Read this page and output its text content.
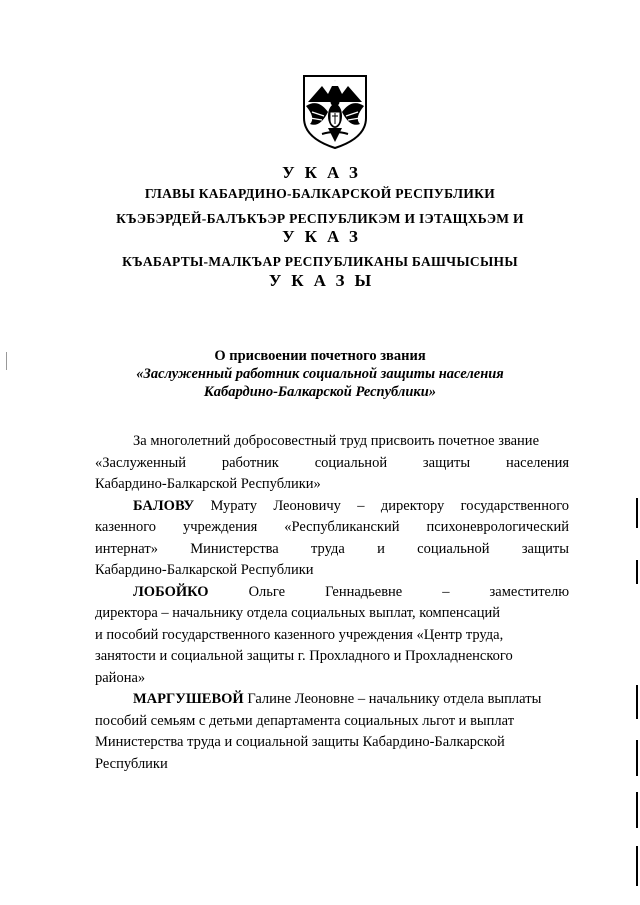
УКАЗ
ГЛАВЫ КАБАРДИНО-БАЛКАРСКОЙ РЕСПУБЛИКИ
КЪЭБЭРДЕЙ-БАЛЪКЪЭР РЕСПУБЛИКЭМ И ІЭТАЩХЬЭМ И
УКАЗ
КЪАБАРТЫ-МАЛКЪАР РЕСПУБЛИКАНЫ БАШЧЫСЫНЫ
УКАЗЫ
О присвоении почетного звания
«Заслуженный работник социальной защиты населения
Кабардино-Балкарской Республики»
За многолетний добросовестный труд присвоить почетное звание
«Заслуженный работник социальной защиты населения
Кабардино-Балкарской Республики»
БАЛОВУ Мурату Леоновичу – директору государственного
казенного учреждения «Республиканский психоневрологический
интернат» Министерства труда и социальной защиты
Кабардино-Балкарской Республики
ЛОБОЙКО	Ольге	Геннадьевне	–	заместителю
директора – начальнику отдела социальных выплат, компенсаций
и пособий государственного казенного учреждения «Центр труда,
занятости и социальной защиты г. Прохладного и Прохладненского
района»
МАРГУШЕВОЙ Галине Леоновне – начальнику отдела выплаты
пособий семьям с детьми департамента социальных льгот и выплат
Министерства труда и социальной защиты Кабардино-Балкарской
Республики
